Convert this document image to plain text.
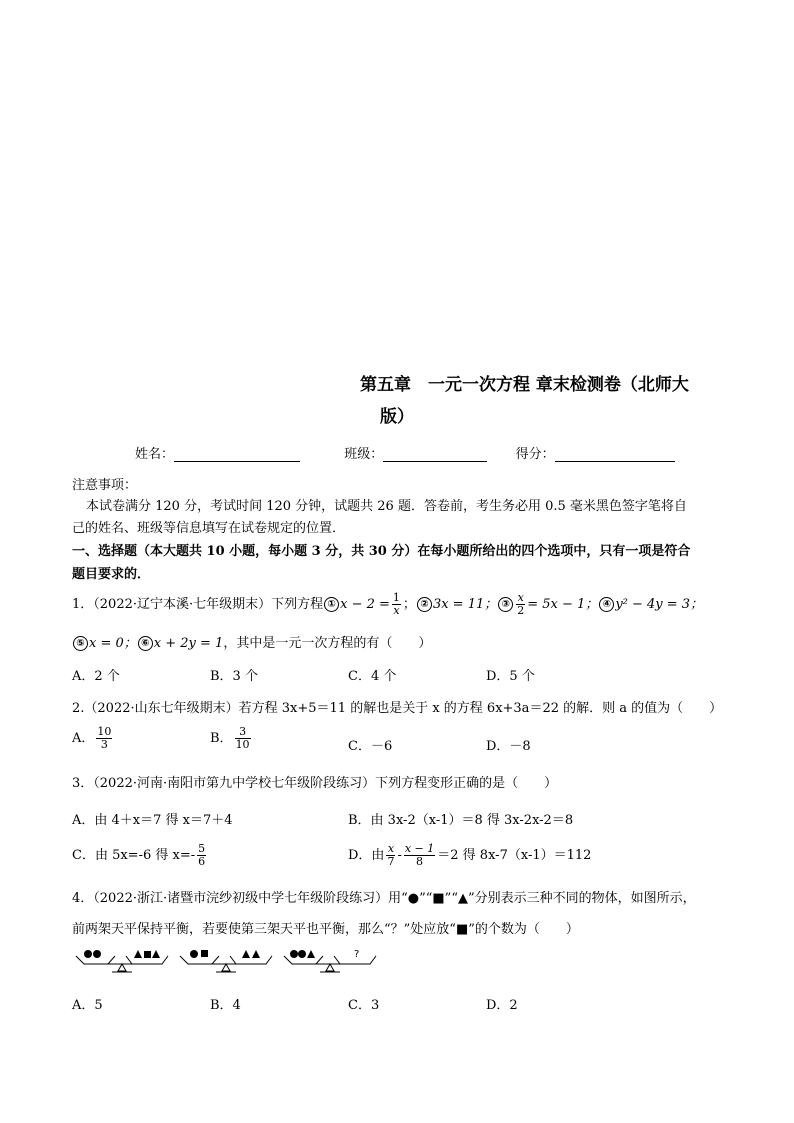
第五章　一元一次方程 章末检测卷（北师大
版）
姓名：	班级：	得分：
注意事项：
本试卷满分 120 分，考试时间 120 分钟，试题共 26 题．答卷前，考生务必用 0.5 毫米黑色签字笔将自
己的姓名、班级等信息填写在试卷规定的位置．
一、选择题（本大题共 10 小题，每小题 3 分，共 30 分）在每小题所给出的四个选项中，只有一项是符合
题目要求的．
1．（2022·辽宁本溪·七年级期末）下列方程 ① $x - 2 = \frac{1}{x}$ ； ② 3x = 11； ③ $\frac{x}{2} = 5x - 1$； ④ y² − 4y = 3；
⑤ x = 0； ⑥ x + 2y = 1，其中是一元一次方程的有（　　）
A．2 个	B．3 个	C．4 个	D．5 个
2.（2022·山东七年级期末）若方程 3x+5＝11 的解也是关于 x 的方程 6x+3a＝22 的解．则 a 的值为（　　）
A． $\frac{10}{3}$	B． $\frac{3}{10}$	C．－6	D．－8
3．（2022·河南·南阳市第九中学校七年级阶段练习）下列方程变形正确的是（　　）
A．由 4＋x＝7 得 x＝7＋4	B．由 3x-2（x-1）＝8 得 3x-2x-2＝8
C．由 5x=-6 得 $x=- \frac{5}{6}$	D．由 $\frac{x}{7} - \frac{x - 1}{8} =2$ 得 8x-7（x-1）＝112
4．（2022·浙江·诸暨市浣纱初级中学七年级阶段练习）用“●”“■”“▲”分别表示三种不同的物体，如图所示，
前两架天平保持平衡，若要使第三架天平也平衡，那么“？”处应放“■”的个数为（　　）
?
A．5	B．4	C．3	D．2
